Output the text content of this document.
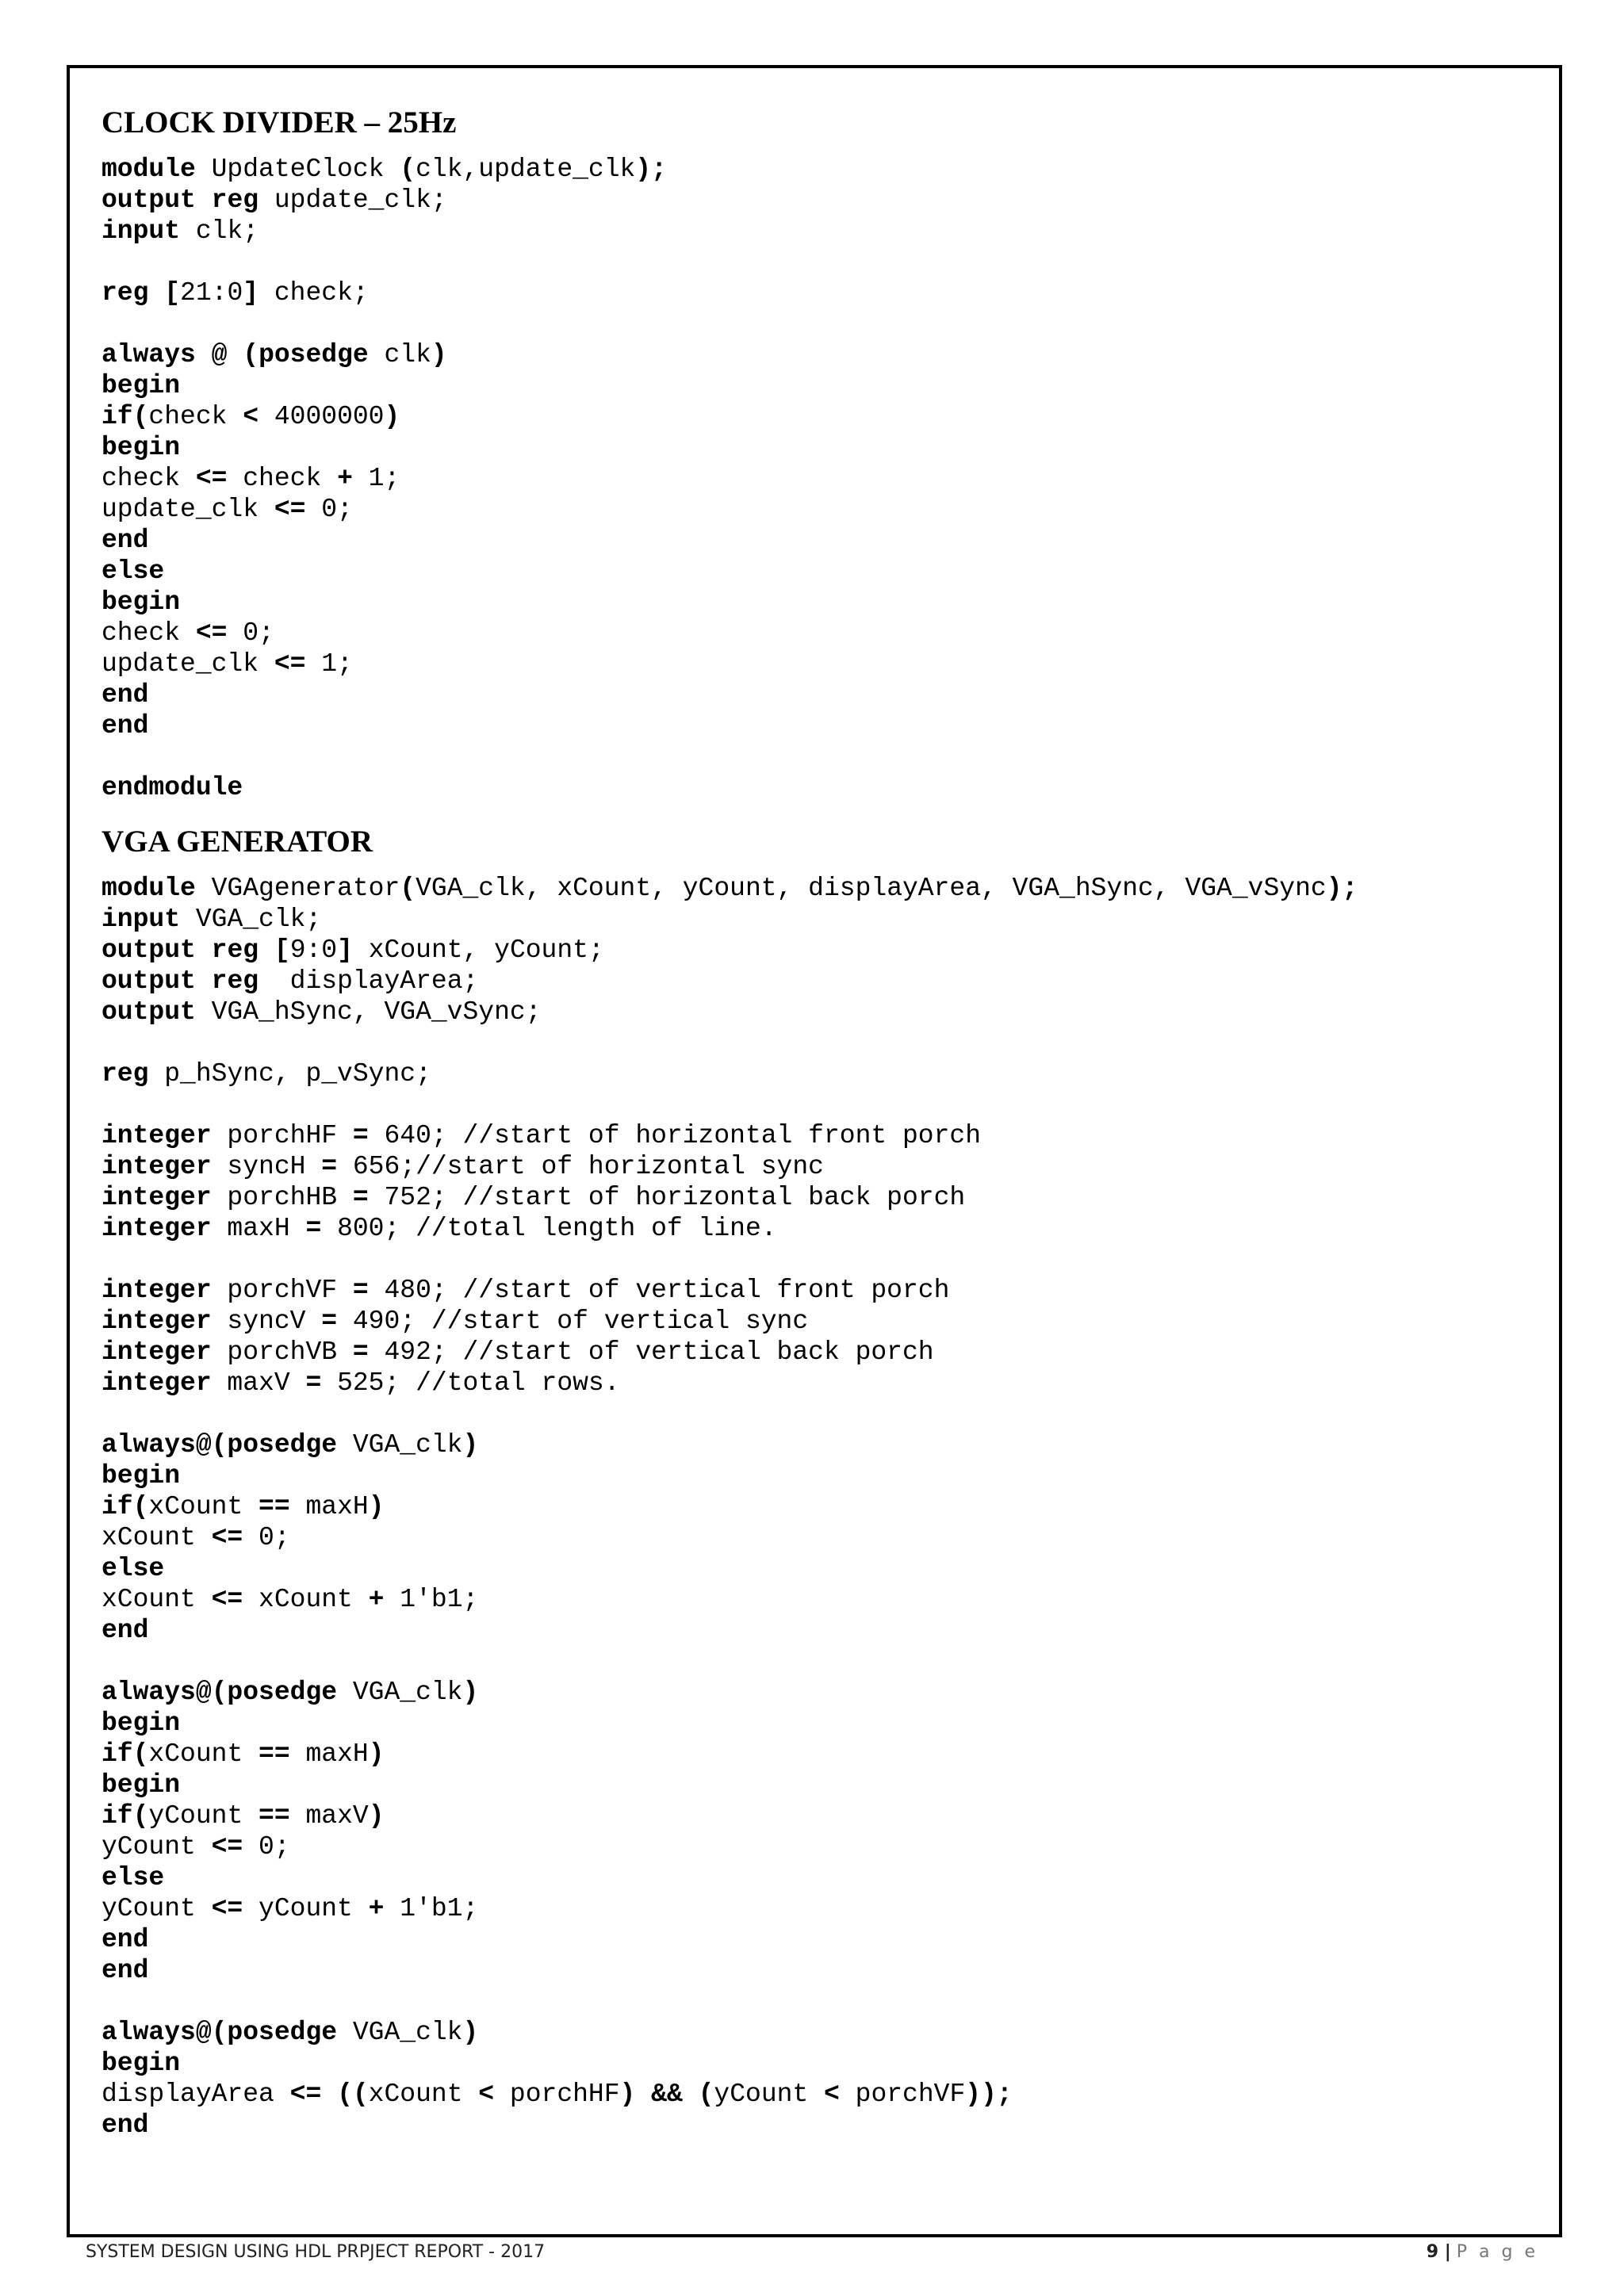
CLOCK DIVIDER – 25Hz
module UpdateClock (clk,update_clk);
output reg update_clk;
input clk;
reg [21:0] check;
always @ (posedge clk)
begin
if(check < 4000000)
begin
check <= check + 1;
update_clk <= 0;
end
else
begin
check <= 0;
update_clk <= 1;
end
end
endmodule
VGA GENERATOR
module VGAgenerator(VGA_clk, xCount, yCount, displayArea, VGA_hSync, VGA_vSync);
input VGA_clk;
output reg [9:0] xCount, yCount;
output reg  displayArea;
output VGA_hSync, VGA_vSync;
reg p_hSync, p_vSync;
integer porchHF = 640; //start of horizontal front porch
integer syncH = 656;//start of horizontal sync
integer porchHB = 752; //start of horizontal back porch
integer maxH = 800; //total length of line.
integer porchVF = 480; //start of vertical front porch
integer syncV = 490; //start of vertical sync
integer porchVB = 492; //start of vertical back porch
integer maxV = 525; //total rows.
always@(posedge VGA_clk)
begin
if(xCount == maxH)
xCount <= 0;
else
xCount <= xCount + 1'b1;
end
always@(posedge VGA_clk)
begin
if(xCount == maxH)
begin
if(yCount == maxV)
yCount <= 0;
else
yCount <= yCount + 1'b1;
end
end
always@(posedge VGA_clk)
begin
displayArea <= ((xCount < porchHF) && (yCount < porchVF));
end
SYSTEM DESIGN USING HDL PRPJECT REPORT - 2017	9 | P a g e
